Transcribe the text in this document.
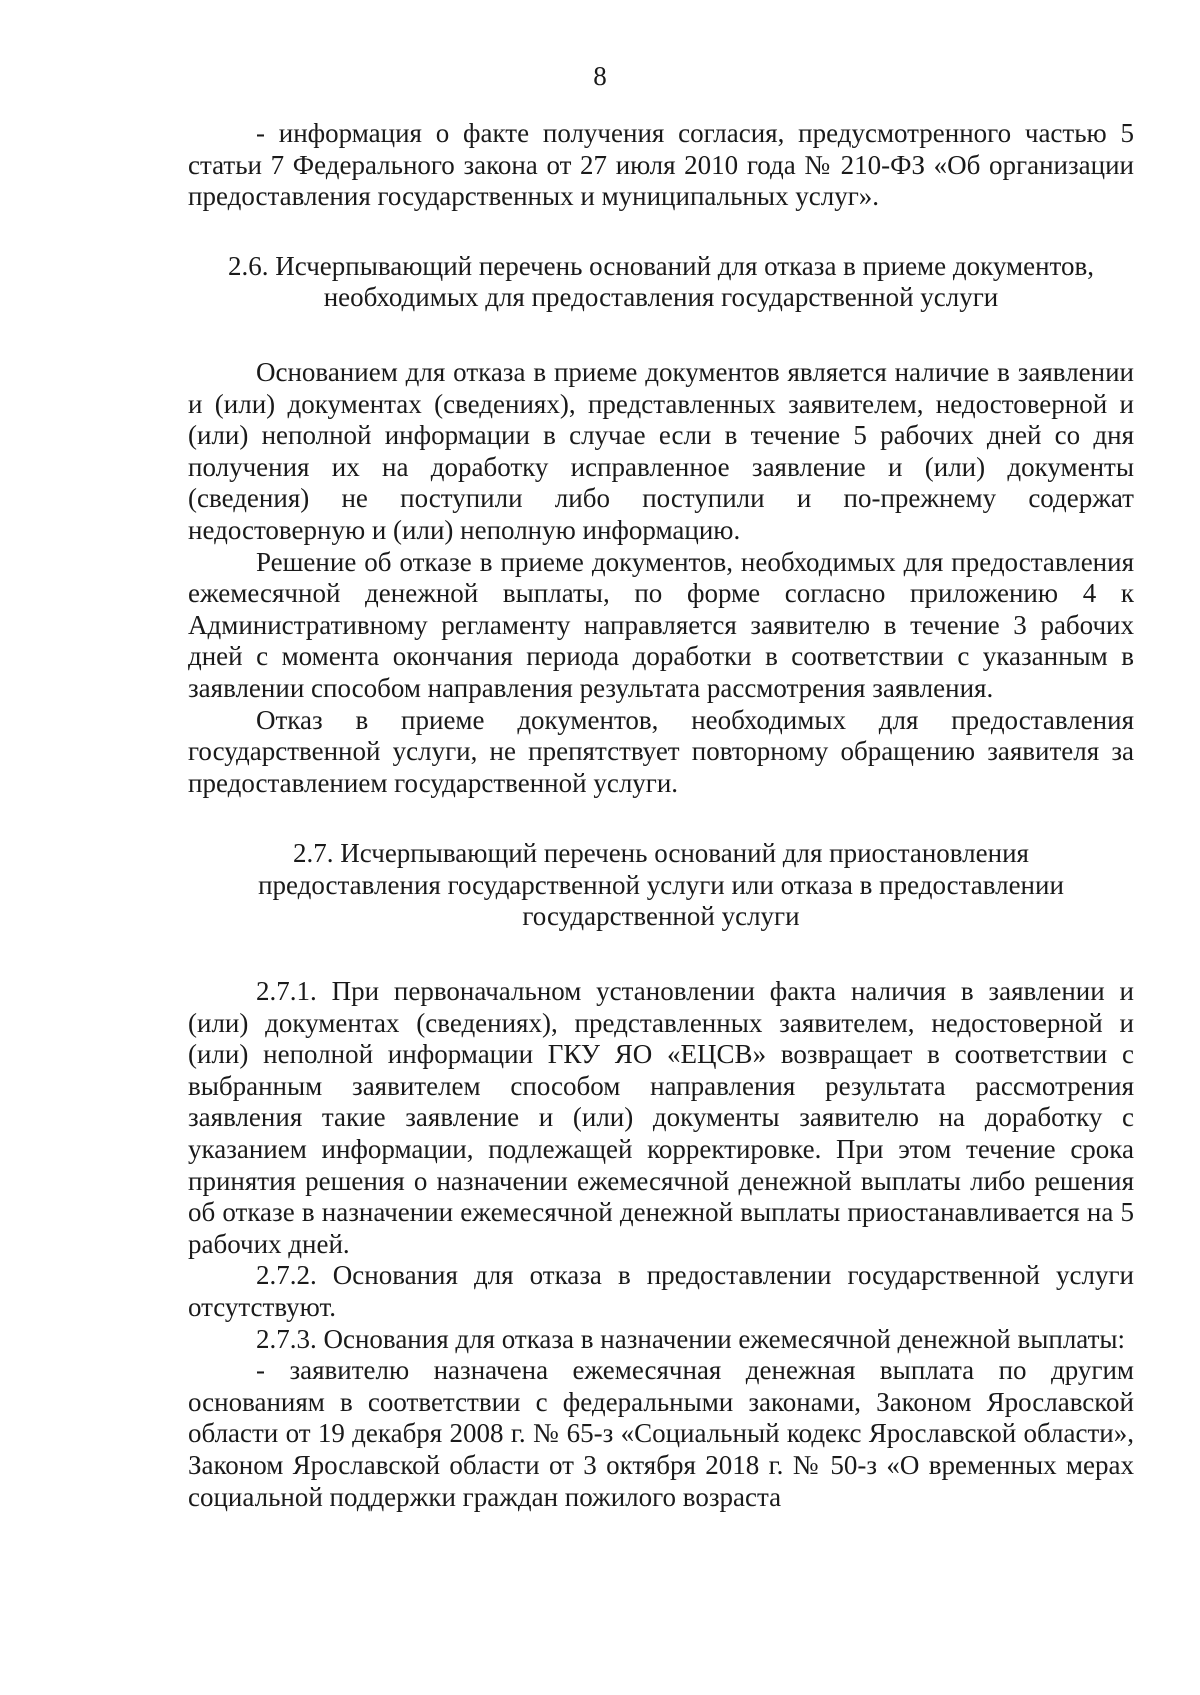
8

- информация о факте получения согласия, предусмотренного частью 5 статьи 7 Федерального закона от 27 июля 2010 года № 210-ФЗ «Об организации предоставления государственных и муниципальных услуг».

2.6. Исчерпывающий перечень оснований для отказа в приеме документов, необходимых для предоставления государственной услуги

Основанием для отказа в приеме документов является наличие в заявлении и (или) документах (сведениях), представленных заявителем, недостоверной и (или) неполной информации в случае если в течение 5 рабочих дней со дня получения их на доработку исправленное заявление и (или) документы (сведения) не поступили либо поступили и по-прежнему содержат недостоверную и (или) неполную информацию.

Решение об отказе в приеме документов, необходимых для предоставления ежемесячной денежной выплаты, по форме согласно приложению 4 к Административному регламенту направляется заявителю в течение 3 рабочих дней с момента окончания периода доработки в соответствии с указанным в заявлении способом направления результата рассмотрения заявления.

Отказ в приеме документов, необходимых для предоставления государственной услуги, не препятствует повторному обращению заявителя за предоставлением государственной услуги.

2.7. Исчерпывающий перечень оснований для приостановления предоставления государственной услуги или отказа в предоставлении государственной услуги

2.7.1. При первоначальном установлении факта наличия в заявлении и (или) документах (сведениях), представленных заявителем, недостоверной и (или) неполной информации ГКУ ЯО «ЕЦСВ» возвращает в соответствии с выбранным заявителем способом направления результата рассмотрения заявления такие заявление и (или) документы заявителю на доработку с указанием информации, подлежащей корректировке. При этом течение срока принятия решения о назначении ежемесячной денежной выплаты либо решения об отказе в назначении ежемесячной денежной выплаты приостанавливается на 5 рабочих дней.

2.7.2. Основания для отказа в предоставлении государственной услуги отсутствуют.

2.7.3. Основания для отказа в назначении ежемесячной денежной выплаты:

- заявителю назначена ежемесячная денежная выплата по другим основаниям в соответствии с федеральными законами, Законом Ярославской области от 19 декабря 2008 г. № 65-з «Социальный кодекс Ярославской области», Законом Ярославской области от 3 октября 2018 г. № 50-з «О временных мерах социальной поддержки граждан пожилого возраста
